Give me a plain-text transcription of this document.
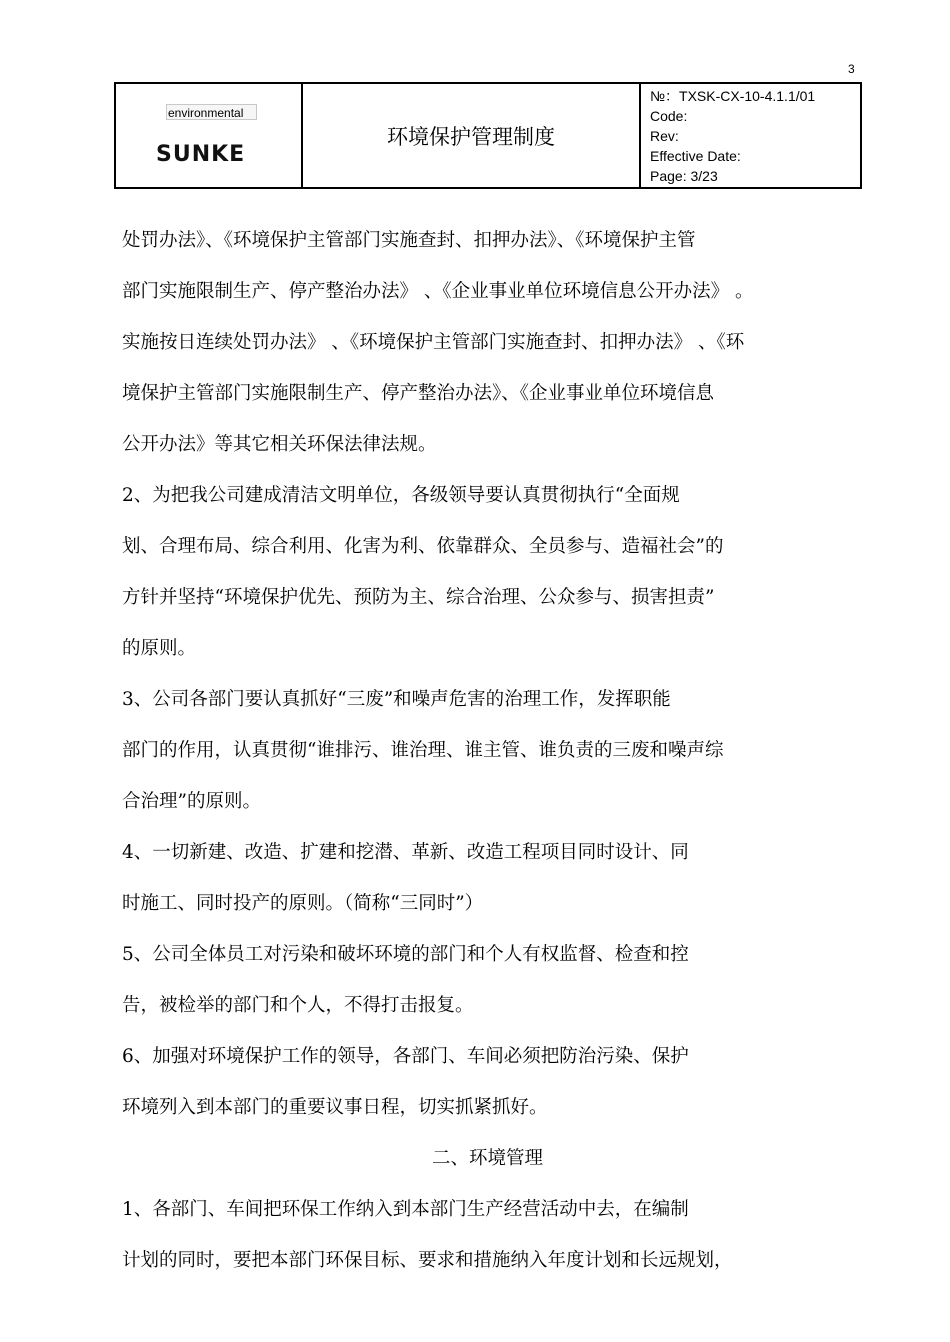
3
environmental
SUNKE
环境保护管理制度
№：TXSK-CX-10-4.1.1/01
Code:
Rev:
Effective Date:
Page: 3/23
处罚办法》、《环境保护主管部门实施查封、扣押办法》、《环境保护主管
部门实施限制生产、停产整治办法》 、《企业事业单位环境信息公开办法》 。
实施按日连续处罚办法》 、《环境保护主管部门实施查封、扣押办法》 、《环
境保护主管部门实施限制生产、停产整治办法》、《企业事业单位环境信息
公开办法》等其它相关环保法律法规。
2、为把我公司建成清洁文明单位，各级领导要认真贯彻执行“全面规
划、合理布局、综合利用、化害为利、依靠群众、全员参与、造福社会”的
方针并坚持“环境保护优先、预防为主、综合治理、公众参与、损害担责”
的原则。
3、公司各部门要认真抓好“三废”和噪声危害的治理工作，发挥职能
部门的作用，认真贯彻“谁排污、谁治理、谁主管、谁负责的三废和噪声综
合治理”的原则。
4、一切新建、改造、扩建和挖潜、革新、改造工程项目同时设计、同
时施工、同时投产的原则。（简称“三同时”）
5、公司全体员工对污染和破坏环境的部门和个人有权监督、检查和控
告，被检举的部门和个人，不得打击报复。
6、加强对环境保护工作的领导，各部门、车间必须把防治污染、保护
环境列入到本部门的重要议事日程，切实抓紧抓好。
二、环境管理
1、各部门、车间把环保工作纳入到本部门生产经营活动中去，在编制
计划的同时，要把本部门环保目标、要求和措施纳入年度计划和长远规划，
